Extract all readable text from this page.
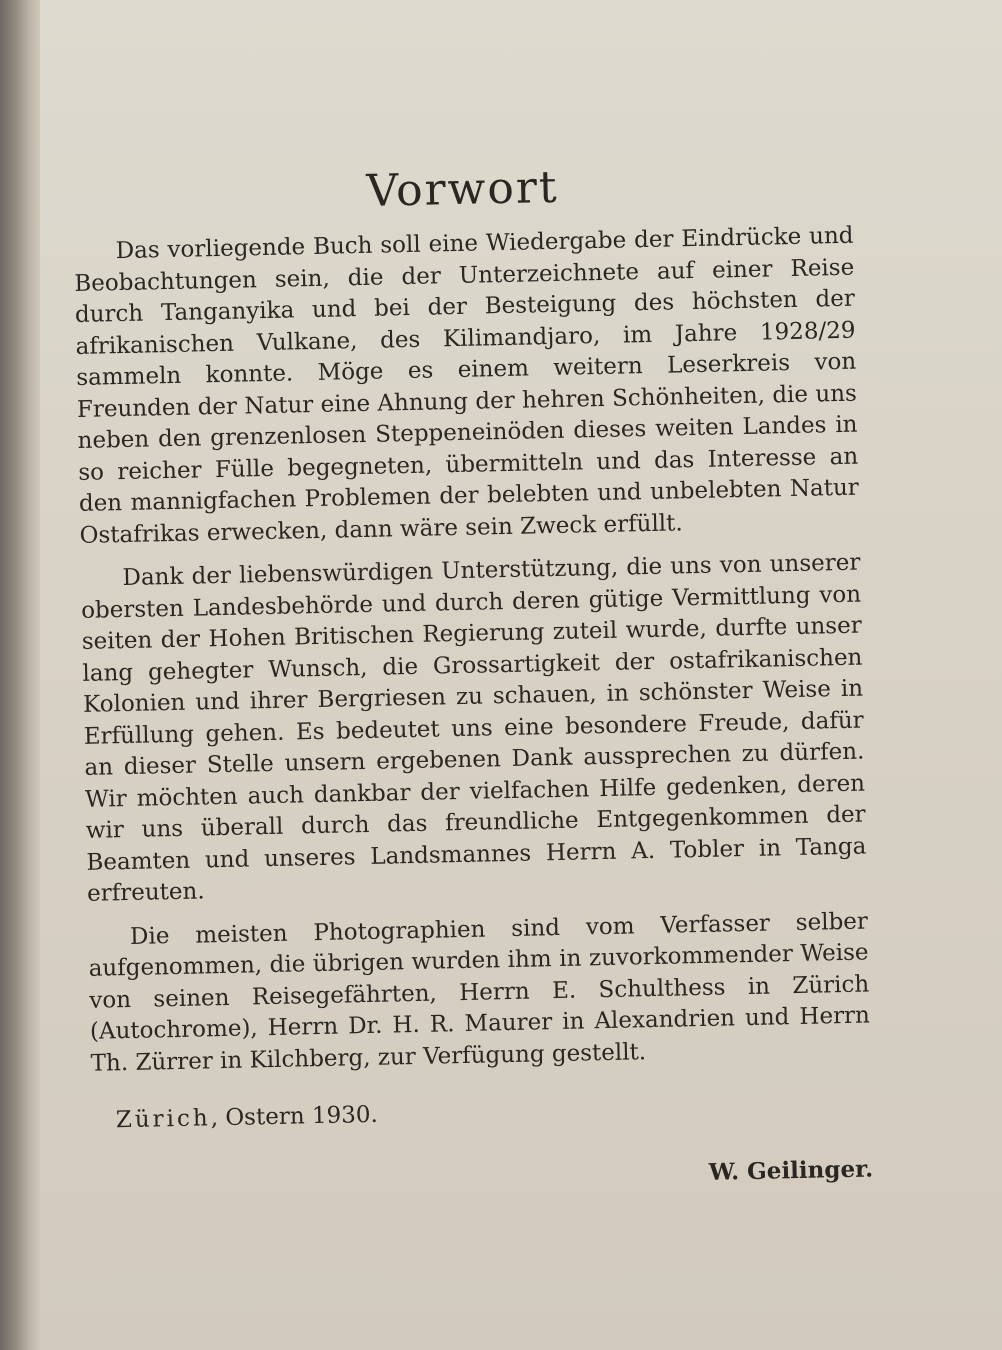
Vorwort

Das vorliegende Buch soll eine Wiedergabe der Eindrücke und Beobachtungen sein, die der Unterzeichnete auf einer Reise durch Tanganyika und bei der Besteigung des höchsten der afrikanischen Vulkane, des Kilimandjaro, im Jahre 1928/29 sammeln konnte. Möge es einem weitern Leserkreis von Freunden der Natur eine Ahnung der hehren Schönheiten, die uns neben den grenzenlosen Steppeneinöden dieses weiten Landes in so reicher Fülle begegneten, übermitteln und das Interesse an den mannigfachen Problemen der belebten und unbelebten Natur Ostafrikas erwecken, dann wäre sein Zweck erfüllt.

Dank der liebenswürdigen Unterstützung, die uns von unserer obersten Landesbehörde und durch deren gütige Vermittlung von seiten der Hohen Britischen Regierung zuteil wurde, durfte unser lang gehegter Wunsch, die Grossartigkeit der ostafrikanischen Kolonien und ihrer Bergriesen zu schauen, in schönster Weise in Erfüllung gehen. Es bedeutet uns eine besondere Freude, dafür an dieser Stelle unsern ergebenen Dank aussprechen zu dürfen. Wir möchten auch dankbar der vielfachen Hilfe gedenken, deren wir uns überall durch das freundliche Entgegenkommen der Beamten und unseres Landsmannes Herrn A. Tobler in Tanga erfreuten.

Die meisten Photographien sind vom Verfasser selber aufgenommen, die übrigen wurden ihm in zuvorkommender Weise von seinen Reisegefährten, Herrn E. Schulthess in Zürich (Autochrome), Herrn Dr. H. R. Maurer in Alexandrien und Herrn Th. Zürrer in Kilchberg, zur Verfügung gestellt.

Zürich, Ostern 1930.
W. Geilinger.
